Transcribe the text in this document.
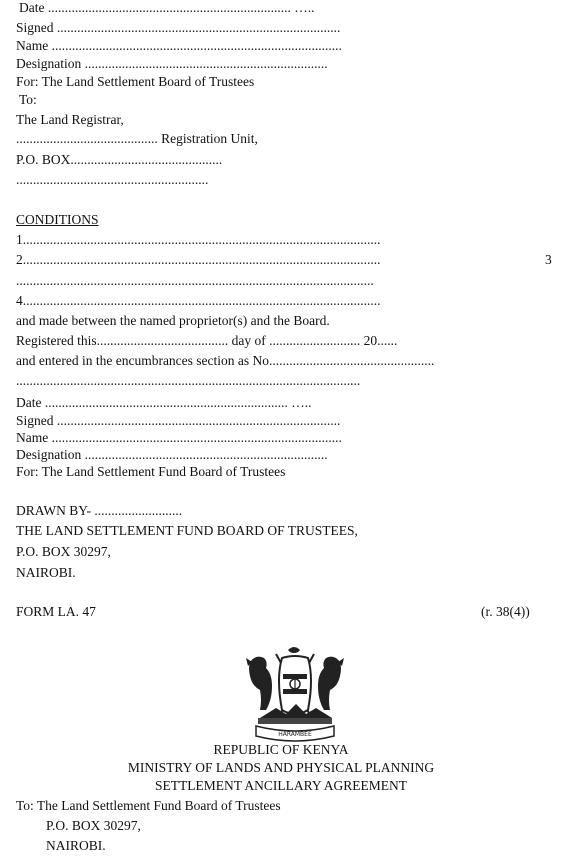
Date ........................................................................ …..
Signed ....................................................................................
Name ......................................................................................
Designation ........................................................................
For: The Land Settlement Board of Trustees
To:
The Land Registrar,
.......................................... Registration Unit,
P.O. BOX.............................................
.........................................................
CONDITIONS
1..........................................................................................................
2..........................................................................................................	3
..........................................................................................................
4..........................................................................................................
and made between the named proprietor(s) and the Board.
Registered this....................................... day of ........................... 20......
and entered in the encumbrances section as No.................................................
......................................................................................................
Date ........................................................................ …..
Signed ....................................................................................
Name ......................................................................................
Designation ........................................................................
For: The Land Settlement Fund Board of Trustees
DRAWN BY- ..........................
THE LAND SETTLEMENT FUND BOARD OF TRUSTEES,
P.O. BOX 30297,
NAIROBI.
FORM LA. 47	(r. 38(4))
HARAMBEE
REPUBLIC OF KENYA
MINISTRY OF LANDS AND PHYSICAL PLANNING
SETTLEMENT ANCILLARY AGREEMENT
To: The Land Settlement Fund Board of Trustees
P.O. BOX 30297,
NAIROBI.
